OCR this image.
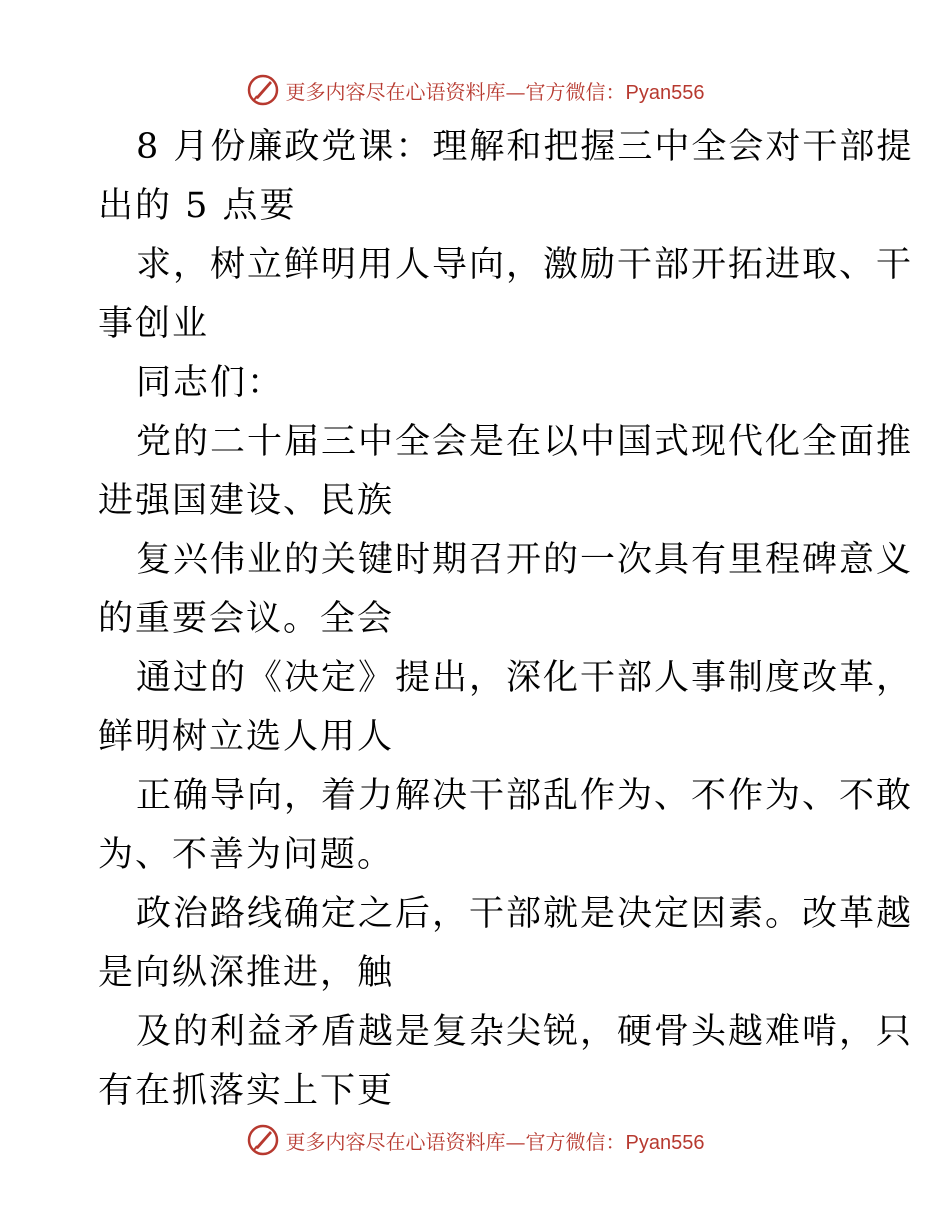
更多内容尽在心语资料库—官方微信：Pyan556
8 月份廉政党课：理解和把握三中全会对干部提
出的 5 点要
求，树立鲜明用人导向，激励干部开拓进取、干
事创业
同志们：
党的二十届三中全会是在以中国式现代化全面推
进强国建设、民族
复兴伟业的关键时期召开的一次具有里程碑意义
的重要会议。全会
通过的《决定》提出，深化干部人事制度改革，
鲜明树立选人用人
正确导向，着力解决干部乱作为、不作为、不敢
为、不善为问题。
政治路线确定之后，干部就是决定因素。改革越
是向纵深推进，触
及的利益矛盾越是复杂尖锐，硬骨头越难啃，只
有在抓落实上下更
更多内容尽在心语资料库—官方微信：Pyan556
